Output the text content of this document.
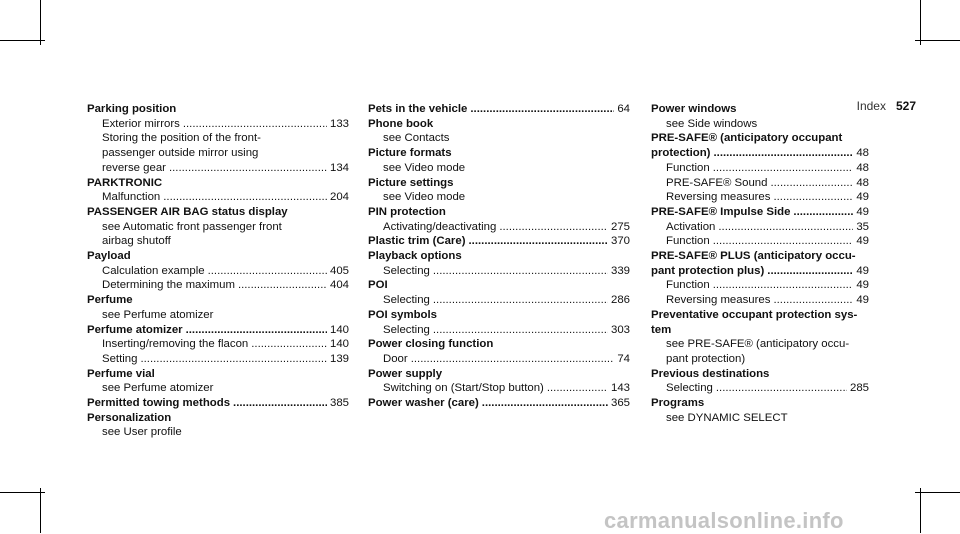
Index 527
Parking position
Exterior mirrors .....	133
Storing the position of the front-
passenger outside mirror using
reverse gear .....	134
PARKTRONIC
Malfunction .....	204
PASSENGER AIR BAG status display
see Automatic front passenger front
airbag shutoff
Payload
Calculation example .....	405
Determining the maximum .....	404
Perfume
see Perfume atomizer
Perfume atomizer .....	140
Inserting/removing the flacon .....	140
Setting .....	139
Perfume vial
see Perfume atomizer
Permitted towing methods .....	385
Personalization
see User profile
Pets in the vehicle .....	64
Phone book
see Contacts
Picture formats
see Video mode
Picture settings
see Video mode
PIN protection
Activating/deactivating .....	275
Plastic trim (Care) .....	370
Playback options
Selecting .....	339
POI
Selecting .....	286
POI symbols
Selecting .....	303
Power closing function
Door .....	74
Power supply
Switching on (Start/Stop button) .....	143
Power washer (care) .....	365
Power windows
see Side windows
PRE-SAFE® (anticipatory occupant
protection) .....	48
Function .....	48
PRE-SAFE® Sound .....	48
Reversing measures .....	49
PRE-SAFE® Impulse Side .....	49
Activation .....	35
Function .....	49
PRE-SAFE® PLUS (anticipatory occu-
pant protection plus) .....	49
Function .....	49
Reversing measures .....	49
Preventative occupant protection sys-
tem
see PRE-SAFE® (anticipatory occu-
pant protection)
Previous destinations
Selecting .....	285
Programs
see DYNAMIC SELECT
carmanualsonline.info
